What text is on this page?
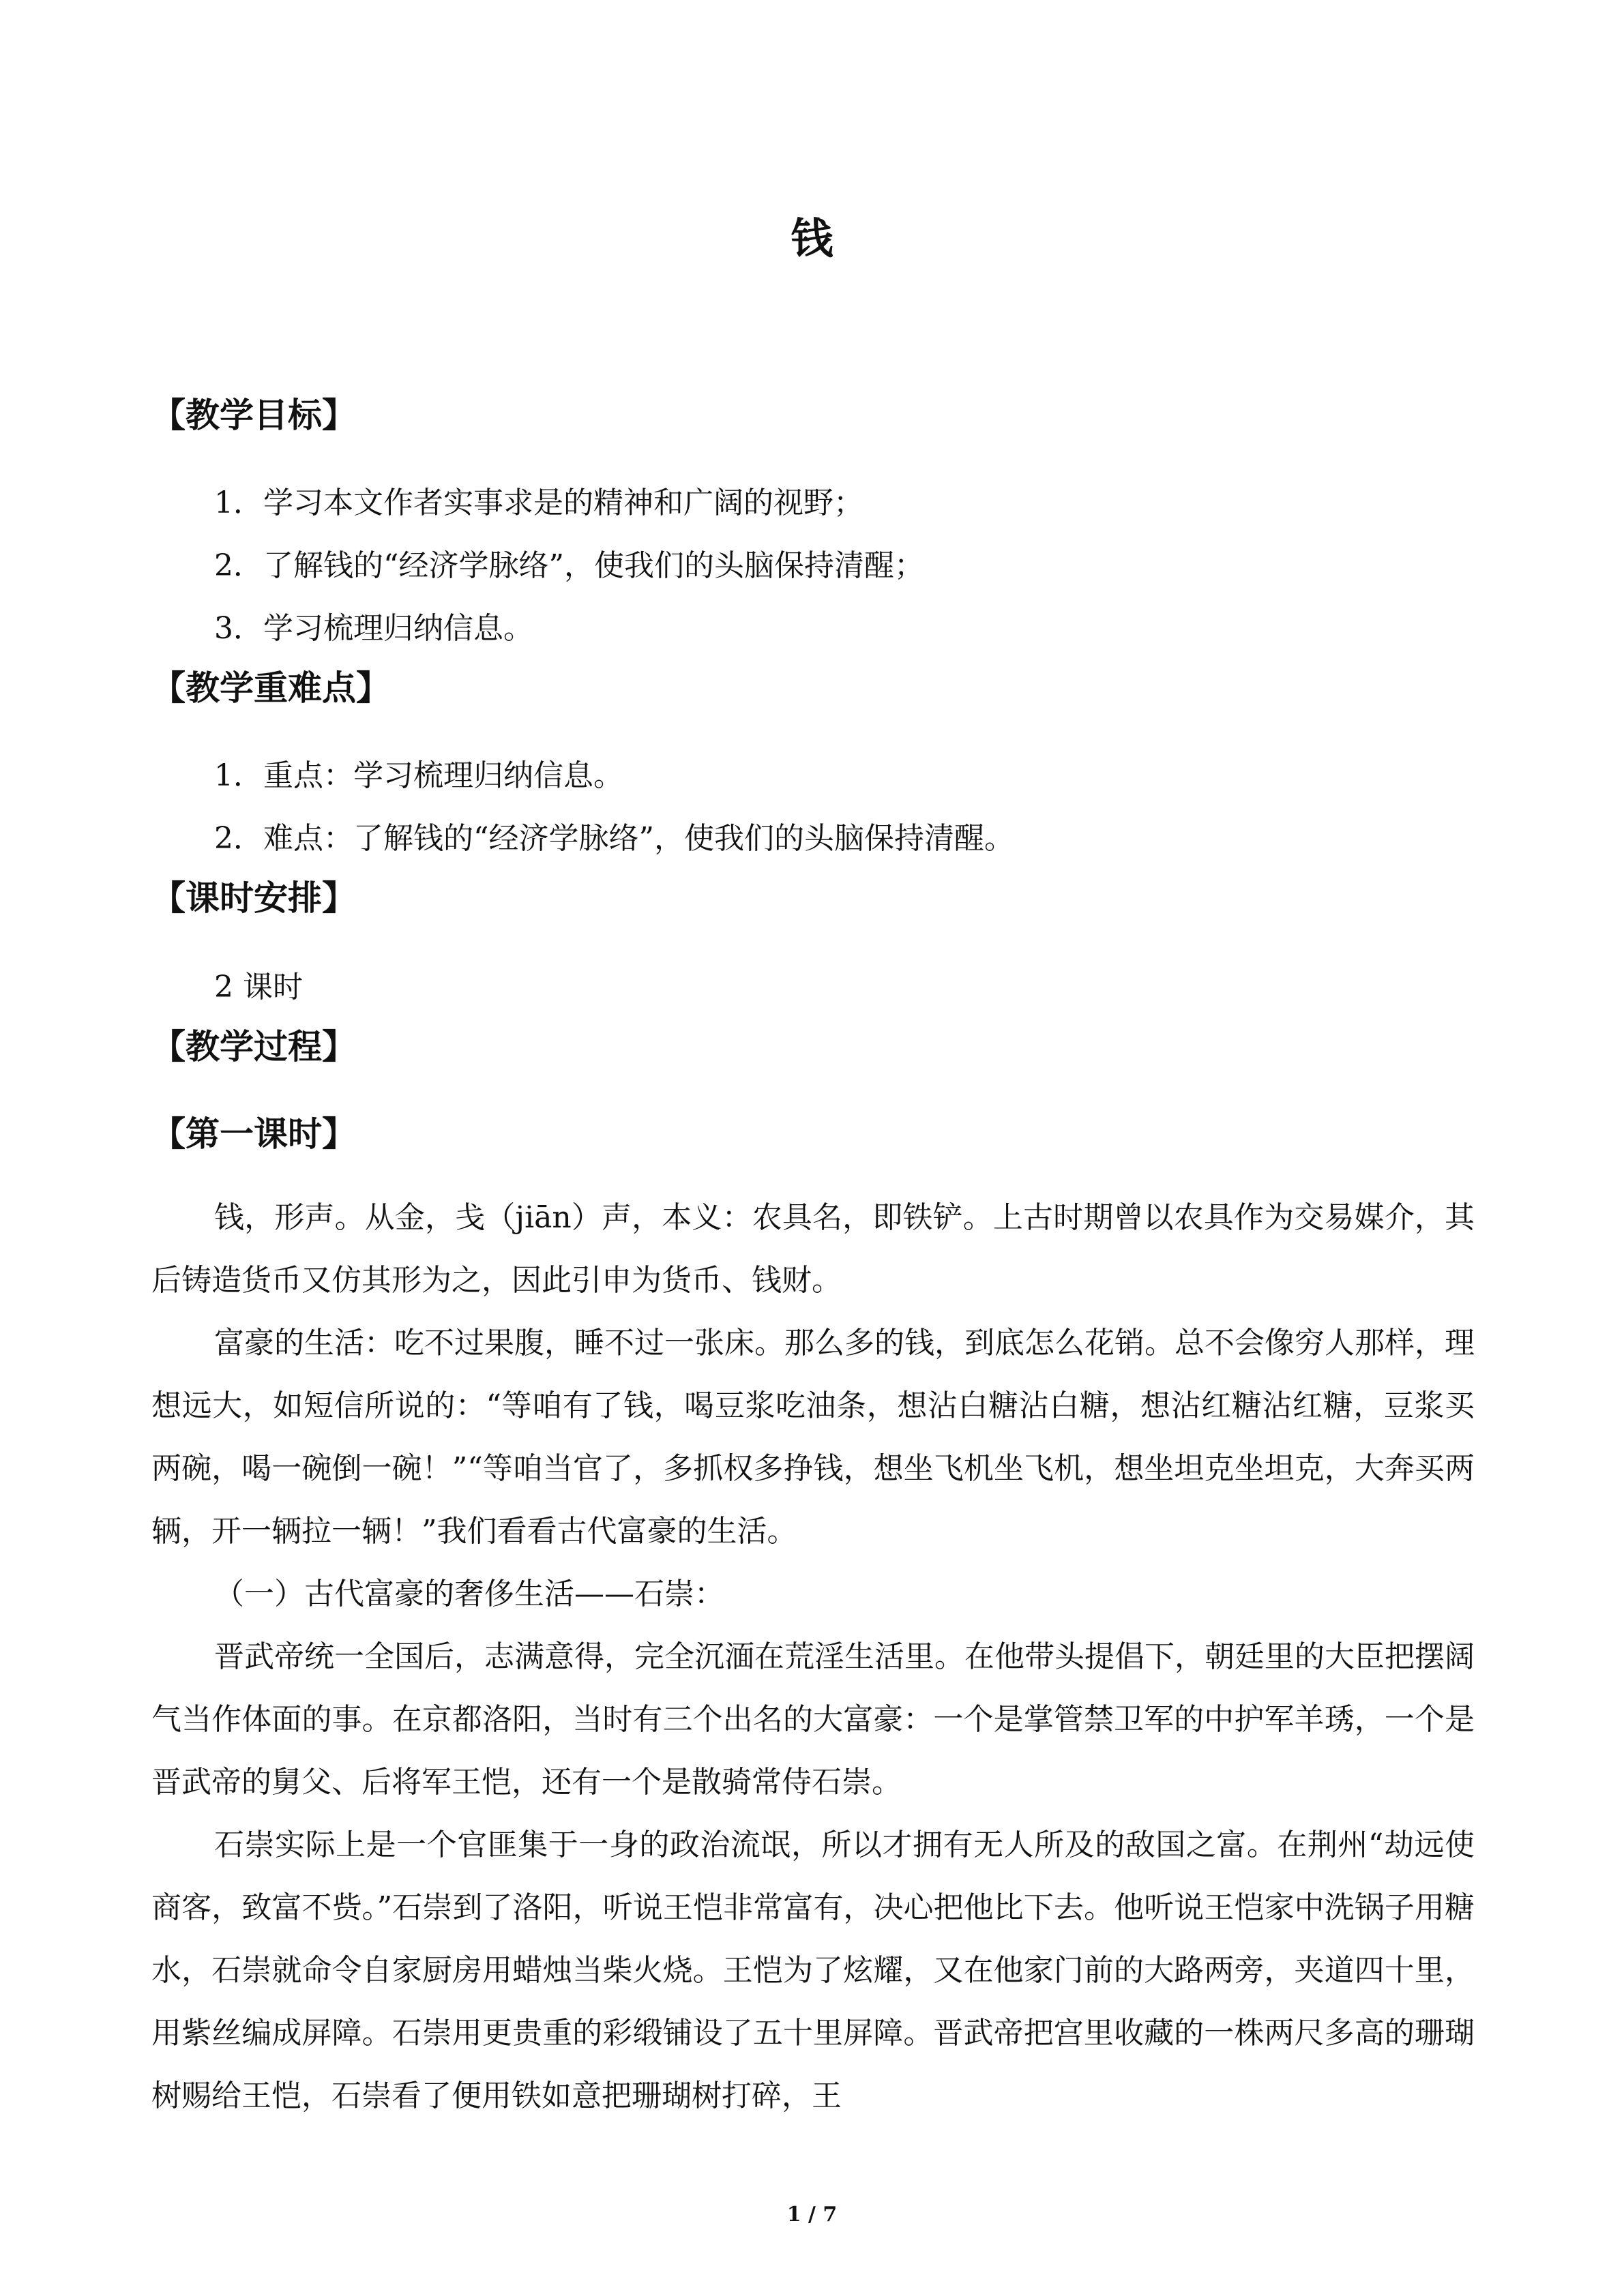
钱
【教学目标】

1．学习本文作者实事求是的精神和广阔的视野；

2．了解钱的“经济学脉络”，使我们的头脑保持清醒；

3．学习梳理归纳信息。

【教学重难点】

1．重点：学习梳理归纳信息。

2．难点：了解钱的“经济学脉络”，使我们的头脑保持清醒。

【课时安排】

2 课时

【教学过程】
【第一课时】

钱，形声。从金，戋（jiān）声，本义：农具名，即铁铲。上古时期曾以农具作为交易媒介，其后铸造货币又仿其形为之，因此引申为货币、钱财。

富豪的生活：吃不过果腹，睡不过一张床。那么多的钱，到底怎么花销。总不会像穷人那样，理想远大，如短信所说的：“等咱有了钱，喝豆浆吃油条，想沾白糖沾白糖，想沾红糖沾红糖，豆浆买两碗，喝一碗倒一碗！”“等咱当官了，多抓权多挣钱，想坐飞机坐飞机，想坐坦克坐坦克，大奔买两辆，开一辆拉一辆！”我们看看古代富豪的生活。

（一）古代富豪的奢侈生活——石崇：

晋武帝统一全国后，志满意得，完全沉湎在荒淫生活里。在他带头提倡下，朝廷里的大臣把摆阔气当作体面的事。在京都洛阳，当时有三个出名的大富豪：一个是掌管禁卫军的中护军羊琇，一个是晋武帝的舅父、后将军王恺，还有一个是散骑常侍石崇。

石崇实际上是一个官匪集于一身的政治流氓，所以才拥有无人所及的敌国之富。在荆州“劫远使商客，致富不赀。”石崇到了洛阳，听说王恺非常富有，决心把他比下去。他听说王恺家中洗锅子用糖水，石崇就命令自家厨房用蜡烛当柴火烧。王恺为了炫耀，又在他家门前的大路两旁，夹道四十里，用紫丝编成屏障。石崇用更贵重的彩缎铺设了五十里屏障。晋武帝把宫里收藏的一株两尺多高的珊瑚树赐给王恺，石崇看了便用铁如意把珊瑚树打碎，王

1 / 7
